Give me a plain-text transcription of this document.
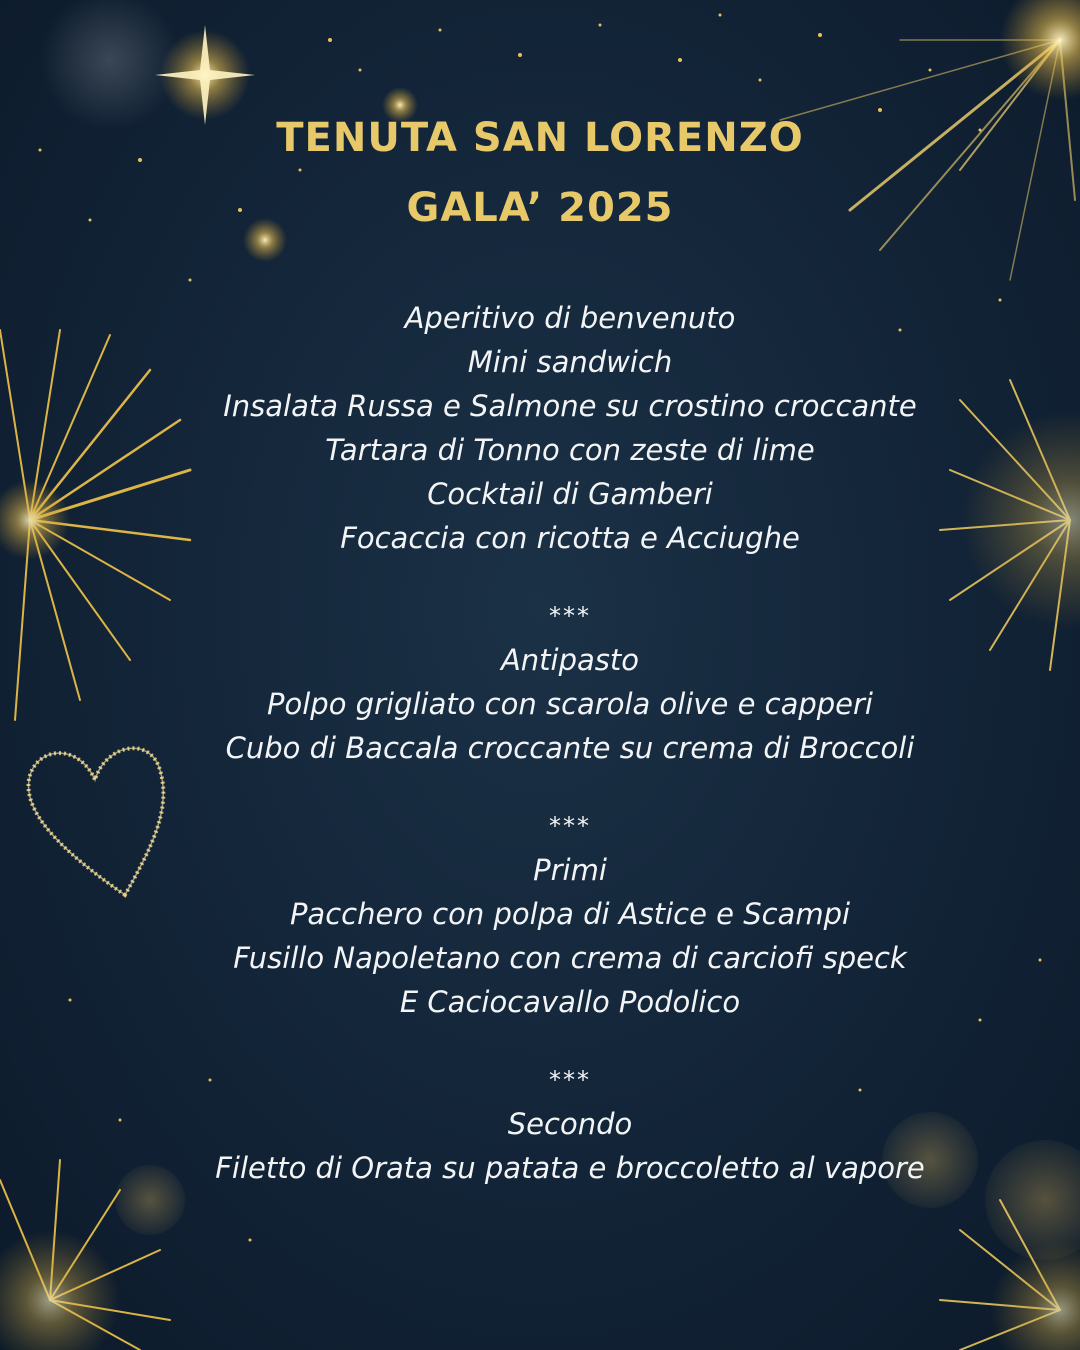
TENUTA SAN LORENZO
GALA’ 2025
Aperitivo di benvenuto
Mini sandwich
Insalata Russa e Salmone su crostino croccante
Tartara di Tonno con zeste di lime
Cocktail di Gamberi
Focaccia con ricotta e Acciughe
***
Antipasto
Polpo grigliato con scarola olive e capperi
Cubo di Baccala croccante su crema di Broccoli
***
Primi
Pacchero con polpa di Astice e Scampi
Fusillo Napoletano con crema di carciofi speck
E Caciocavallo Podolico
***
Secondo
Filetto di Orata su patata e broccoletto al vapore
